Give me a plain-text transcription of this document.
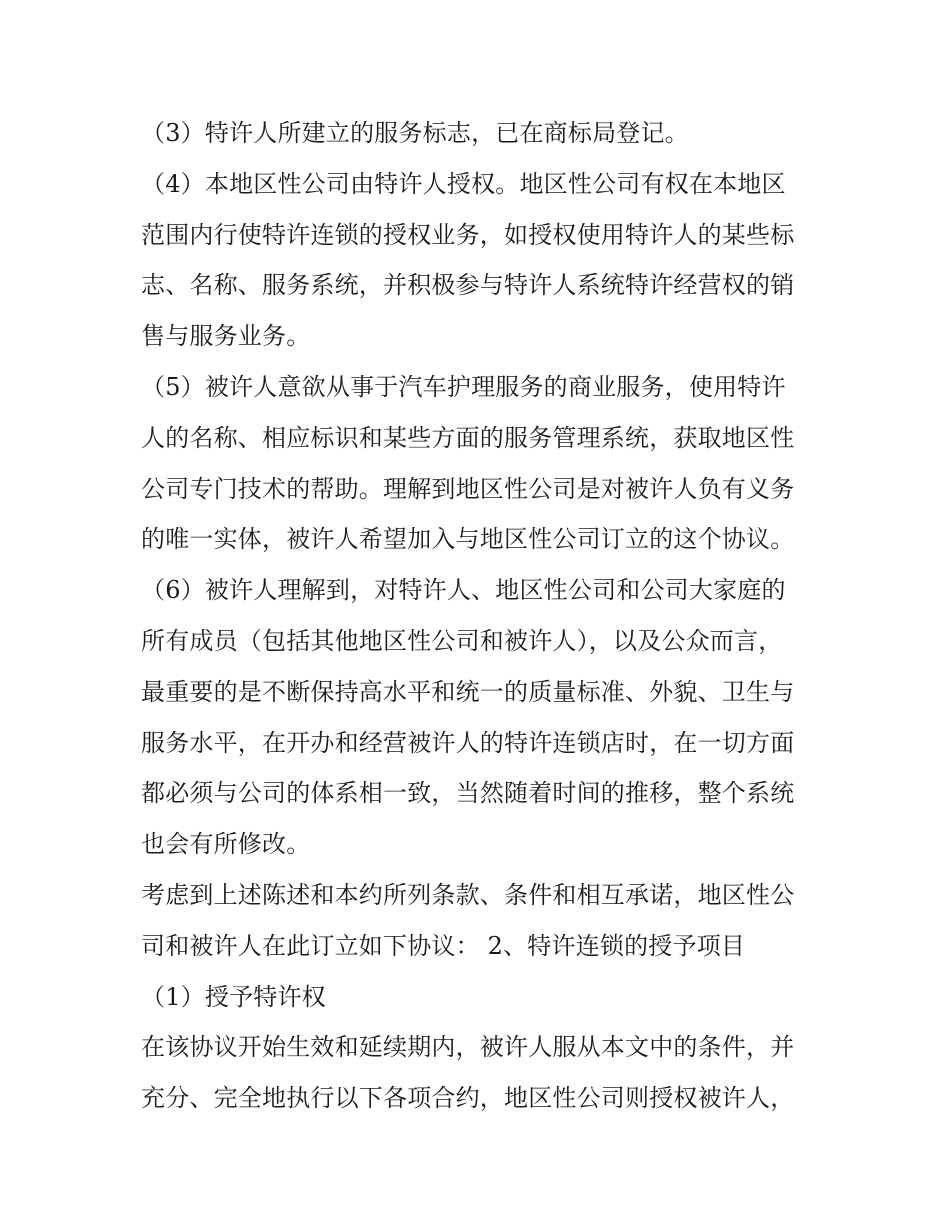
（3）特许人所建立的服务标志，已在商标局登记。
（4）本地区性公司由特许人授权。地区性公司有权在本地区
范围内行使特许连锁的授权业务，如授权使用特许人的某些标
志、名称、服务系统，并积极参与特许人系统特许经营权的销
售与服务业务。
（5）被许人意欲从事于汽车护理服务的商业服务，使用特许
人的名称、相应标识和某些方面的服务管理系统，获取地区性
公司专门技术的帮助。理解到地区性公司是对被许人负有义务
的唯一实体，被许人希望加入与地区性公司订立的这个协议。
（6）被许人理解到，对特许人、地区性公司和公司大家庭的
所有成员（包括其他地区性公司和被许人），以及公众而言，
最重要的是不断保持高水平和统一的质量标准、外貌、卫生与
服务水平，在开办和经营被许人的特许连锁店时，在一切方面
都必须与公司的体系相一致，当然随着时间的推移，整个系统
也会有所修改。
考虑到上述陈述和本约所列条款、条件和相互承诺，地区性公
司和被许人在此订立如下协议： 2、特许连锁的授予项目
（1）授予特许权
在该协议开始生效和延续期内，被许人服从本文中的条件，并
充分、完全地执行以下各项合约，地区性公司则授权被许人，
